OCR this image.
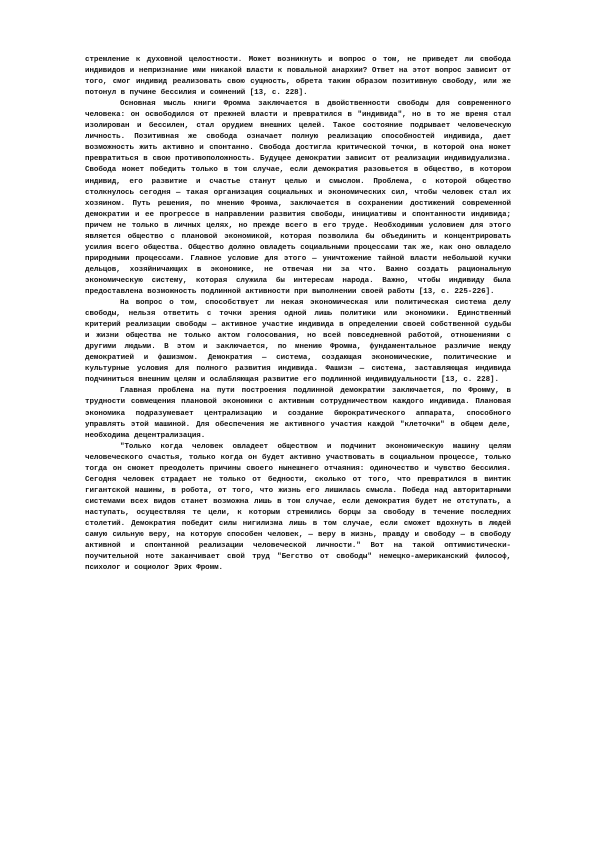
стремление к духовной целостности. Может возникнуть и вопрос о том, не приведет ли свобода индивидов и непризнание ими никакой власти к повальной анархии? Ответ на этот вопрос зависит от того, смог индивид реализовать свою сущность, обрета таким образом позитивную свободу, или же потонул в пучине бессилия и сомнений [13, с. 228].

Основная мысль книги Фромма заключается в двойственности свободы для современного человека: он освободился от прежней власти и превратился в "индивида", но в то же время стал изолирован и бессилен, стал орудием внешних целей. Такое состояние подрывает человеческую личность. Позитивная же свобода означает полную реализацию способностей индивида, дает возможность жить активно и спонтанно. Свобода достигла критической точки, в которой она может превратиться в свою противоположность. Будущее демократии зависит от реализации индивидуализма. Свобода может победить только в том случае, если демократия разовьется в общество, в котором индивид, его развитие и счастье станут целью и смыслом. Проблема, с которой общество столкнулось сегодня — такая организация социальных и экономических сил, чтобы человек стал их хозяином. Путь решения, по мнению Фромма, заключается в сохранении достижений современной демократии и ее прогрессе в направлении развития свободы, инициативы и спонтанности индивида; причем не только в личных целях, но прежде всего в его труде. Необходимым условием для этого является общество с плановой экономикой, которая позволила бы объединить и концентрировать усилия всего общества. Общество должно овладеть социальными процессами так же, как оно овладело природными процессами. Главное условие для этого — уничтожение тайной власти небольшой кучки дельцов, хозяйничающих в экономике, не отвечая ни за что. Важно создать рациональную экономическую систему, которая служила бы интересам народа. Важно, чтобы индивиду была предоставлена возможность подлинной активности при выполнении своей работы [13, с. 225-226].

На вопрос о том, способствует ли некая экономическая или политическая система делу свободы, нельзя ответить с точки зрения одной лишь политики или экономики. Единственный критерий реализации свободы — активное участие индивида в определении своей собственной судьбы и жизни общества не только актом голосования, но всей повседневной работой, отношениями с другими людьми. В этом и заключается, по мнению Фромма, фундаментальное различие между демократией и фашизмом. Демократия — система, создающая экономические, политические и культурные условия для полного развития индивида. Фашизм — система, заставляющая индивида подчиниться внешним целям и ослабляющая развитие его подлинной индивидуальности [13, с. 228].

Главная проблема на пути построения подлинной демократии заключается, по Фромму, в трудности совмещения плановой экономики с активным сотрудничеством каждого индивида. Плановая экономика подразумевает централизацию и создание бюрократического аппарата, способного управлять этой машиной. Для обеспечения же активного участия каждой "клеточки" в общем деле, необходима децентрализация.

"Только когда человек овладеет обществом и подчинит экономическую машину целям человеческого счастья, только когда он будет активно участвовать в социальном процессе, только тогда он сможет преодолеть причины своего нынешнего отчаяния: одиночество и чувство бессилия. Сегодня человек страдает не только от бедности, сколько от того, что превратился в винтик гигантской машины, в робота, от того, что жизнь его лишилась смысла. Победа над авторитарными системами всех видов станет возможна лишь в том случае, если демократия будет не отступать, а наступать, осуществляя те цели, к которым стремились борцы за свободу в течение последних столетий. Демократия победит силы нигилизма лишь в том случае, если сможет вдохнуть в людей самую сильную веру, на которую способен человек, — веру в жизнь, правду и свободу — в свободу активной и спонтанной реализации человеческой личности." Вот на такой оптимистически-поучительной ноте заканчивает свой труд "Бегство от свободы" немецко-американский философ, психолог и социолог Эрих Фромм.
